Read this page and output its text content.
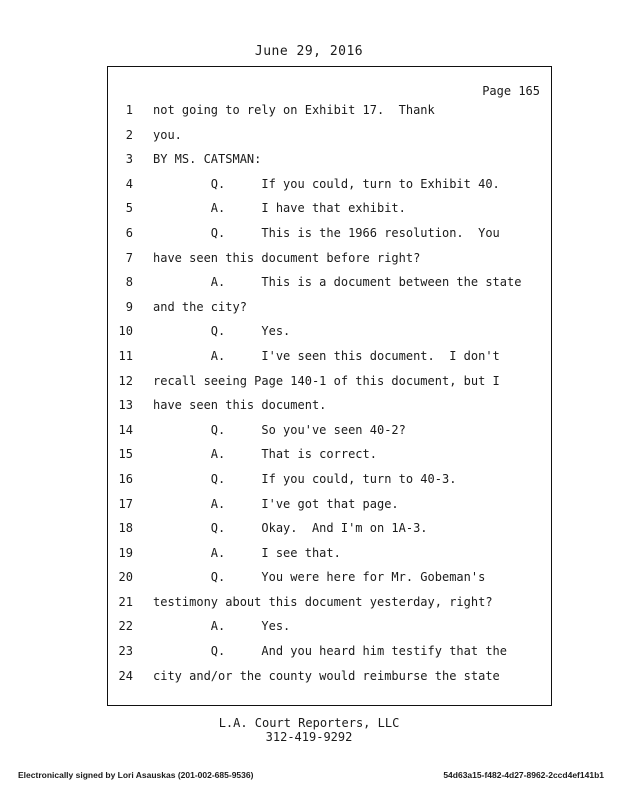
June 29, 2016
Page 165
1 not going to rely on Exhibit 17.  Thank
2 you.
3 BY MS. CATSMAN:
4 Q.     If you could, turn to Exhibit 40.
5 A.     I have that exhibit.
6 Q.     This is the 1966 resolution.  You
7 have seen this document before right?
8 A.     This is a document between the state
9 and the city?
10 Q.     Yes.
11 A.     I've seen this document.  I don't
12 recall seeing Page 140-1 of this document, but I
13 have seen this document.
14 Q.     So you've seen 40-2?
15 A.     That is correct.
16 Q.     If you could, turn to 40-3.
17 A.     I've got that page.
18 Q.     Okay.  And I'm on 1A-3.
19 A.     I see that.
20 Q.     You were here for Mr. Gobeman's
21 testimony about this document yesterday, right?
22 A.     Yes.
23 Q.     And you heard him testify that the
24 city and/or the county would reimburse the state
L.A. Court Reporters, LLC
312-419-9292
Electronically signed by Lori Asauskas (201-002-685-9536)	54d63a15-f482-4d27-8962-2ccd4ef141b1
